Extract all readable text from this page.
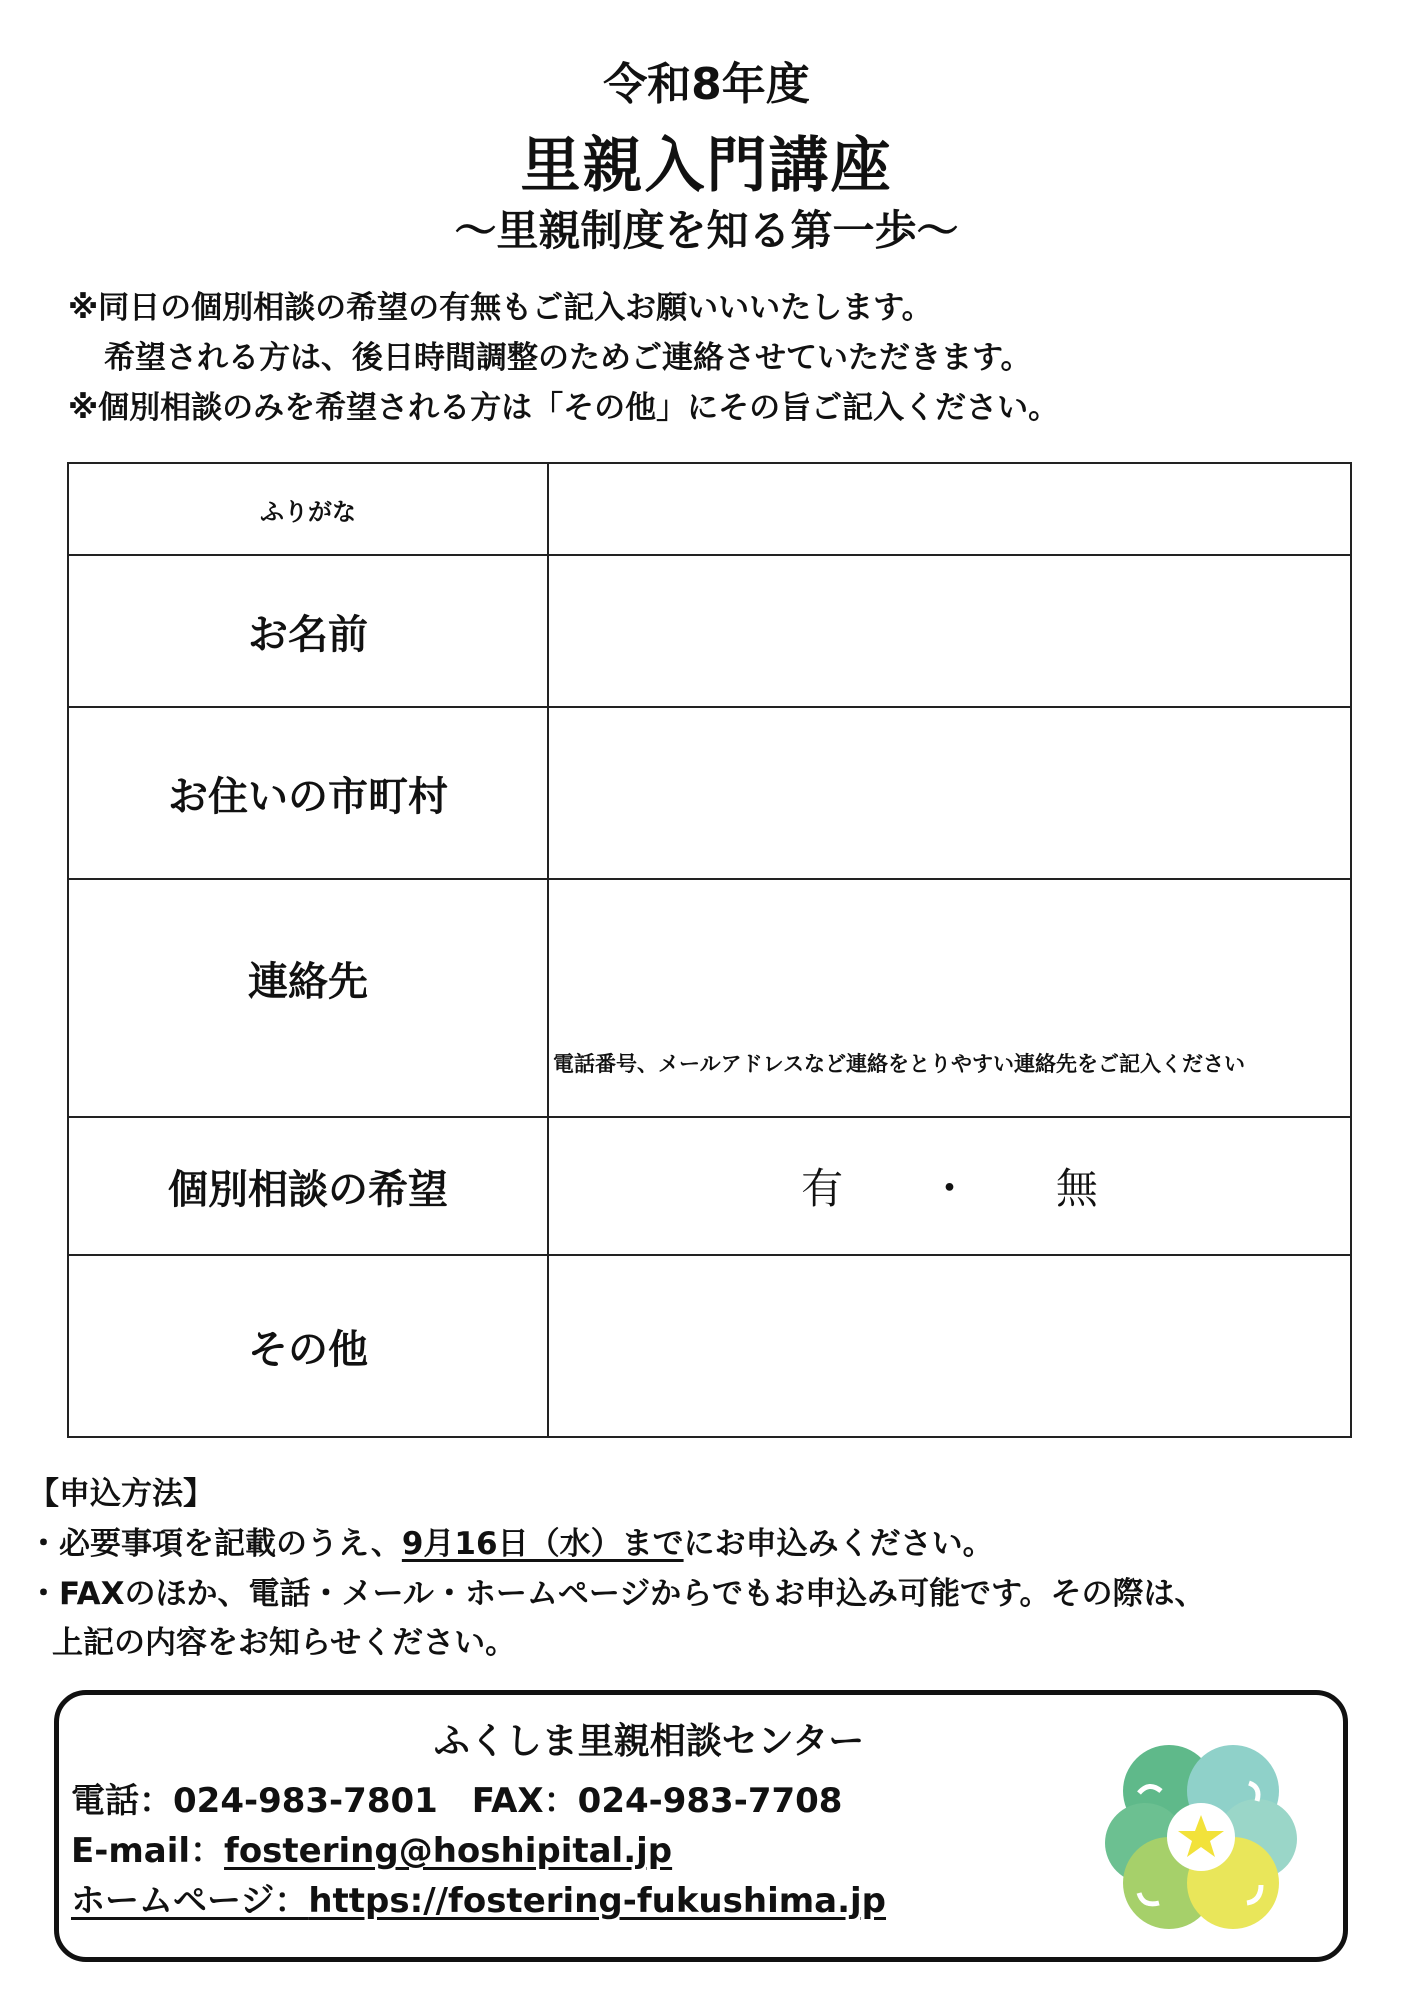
令和8年度
里親入門講座
〜里親制度を知る第一歩〜
※同日の個別相談の希望の有無もご記入お願いいいたします。
希望される方は、後日時間調整のためご連絡させていただきます。
※個別相談のみを希望される方は「その他」にその旨ご記入ください。
ふりがな	
お名前	
お住いの市町村	
連絡先	電話番号、メールアドレスなど連絡をとりやすい連絡先をご記入ください

個別相談の希望	有 ・ 無
その他	
【申込方法】
・必要事項を記載のうえ、9月16日（水）までにお申込みください。
・FAXのほか、電話・メール・ホームページからでもお申込み可能です。その際は、
上記の内容をお知らせください。
ふくしま里親相談センター
電話：024-983-7801 FAX：024-983-7708
E-mail：fostering@hoshipital.jp
ホームページ：https://fostering-fukushima.jp
